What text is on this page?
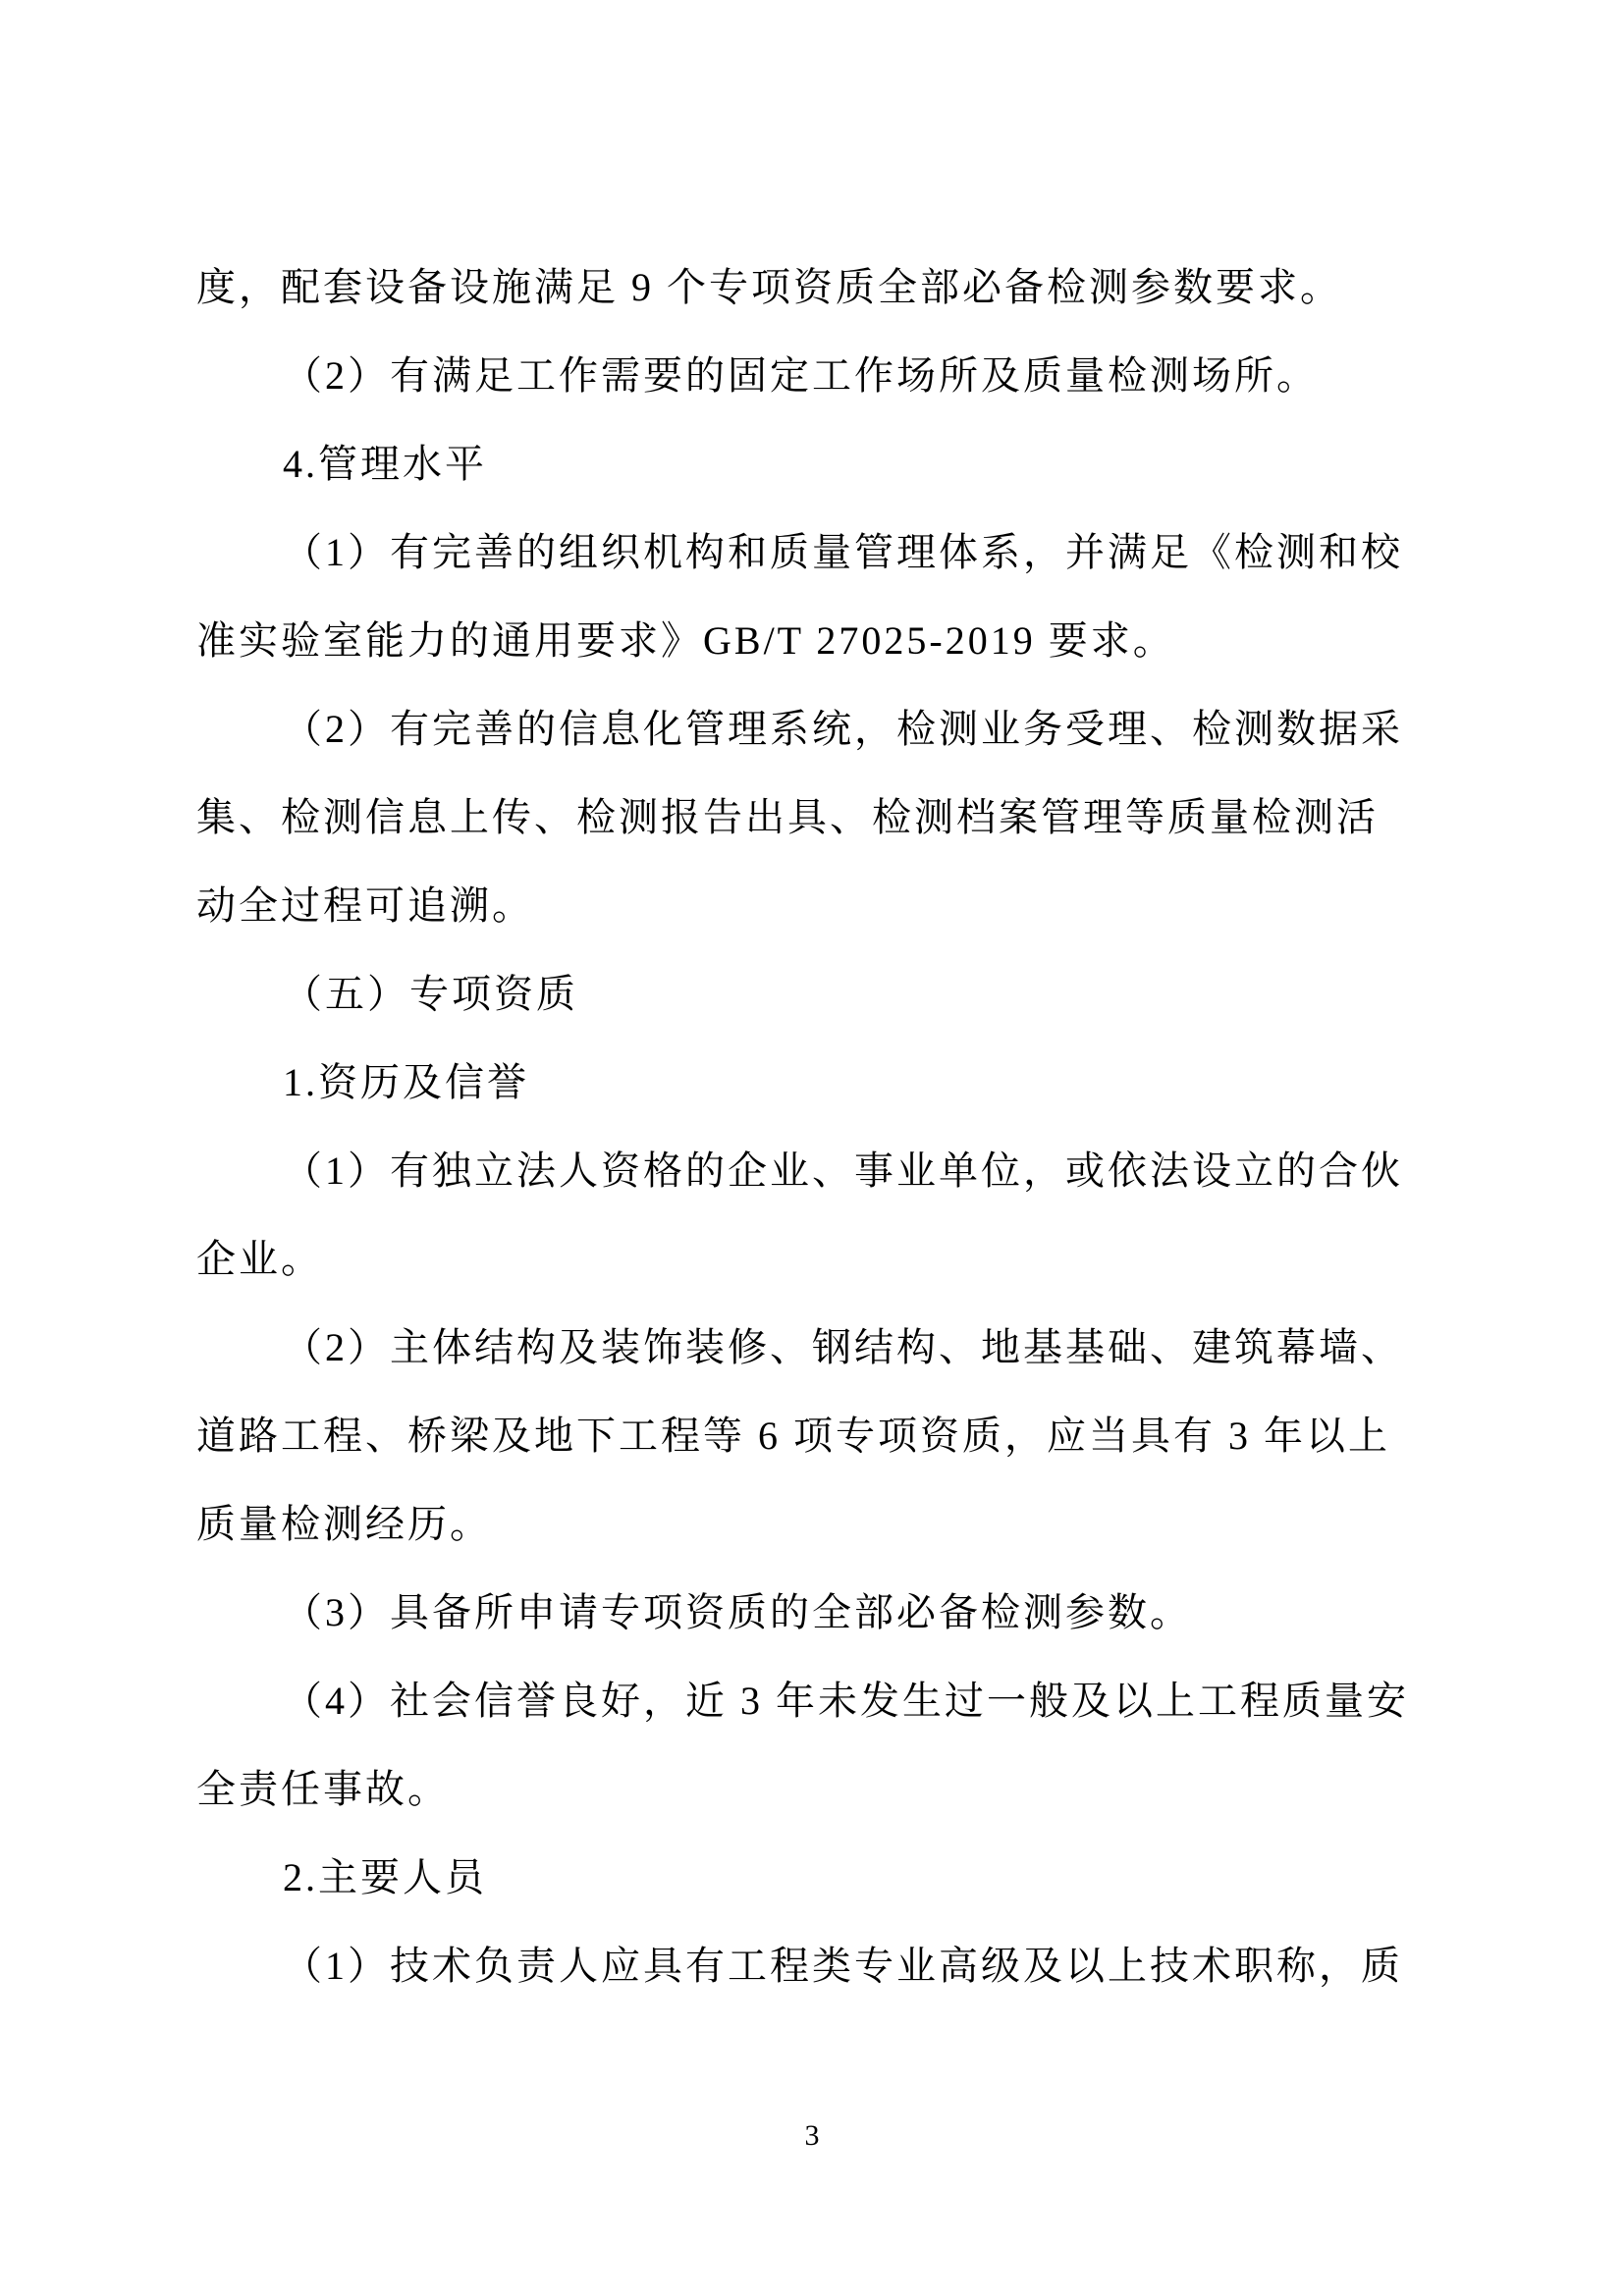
度，配套设备设施满足 9 个专项资质全部必备检测参数要求。
（2）有满足工作需要的固定工作场所及质量检测场所。
4.管理水平
（1）有完善的组织机构和质量管理体系，并满足《检测和校
准实验室能力的通用要求》GB/T 27025-2019 要求。
（2）有完善的信息化管理系统，检测业务受理、检测数据采
集、检测信息上传、检测报告出具、检测档案管理等质量检测活
动全过程可追溯。
（五）专项资质
1.资历及信誉
（1）有独立法人资格的企业、事业单位，或依法设立的合伙
企业。
（2）主体结构及装饰装修、钢结构、地基基础、建筑幕墙、
道路工程、桥梁及地下工程等 6 项专项资质，应当具有 3 年以上
质量检测经历。
（3）具备所申请专项资质的全部必备检测参数。
（4）社会信誉良好，近 3 年未发生过一般及以上工程质量安
全责任事故。
2.主要人员
（1）技术负责人应具有工程类专业高级及以上技术职称，质
3
